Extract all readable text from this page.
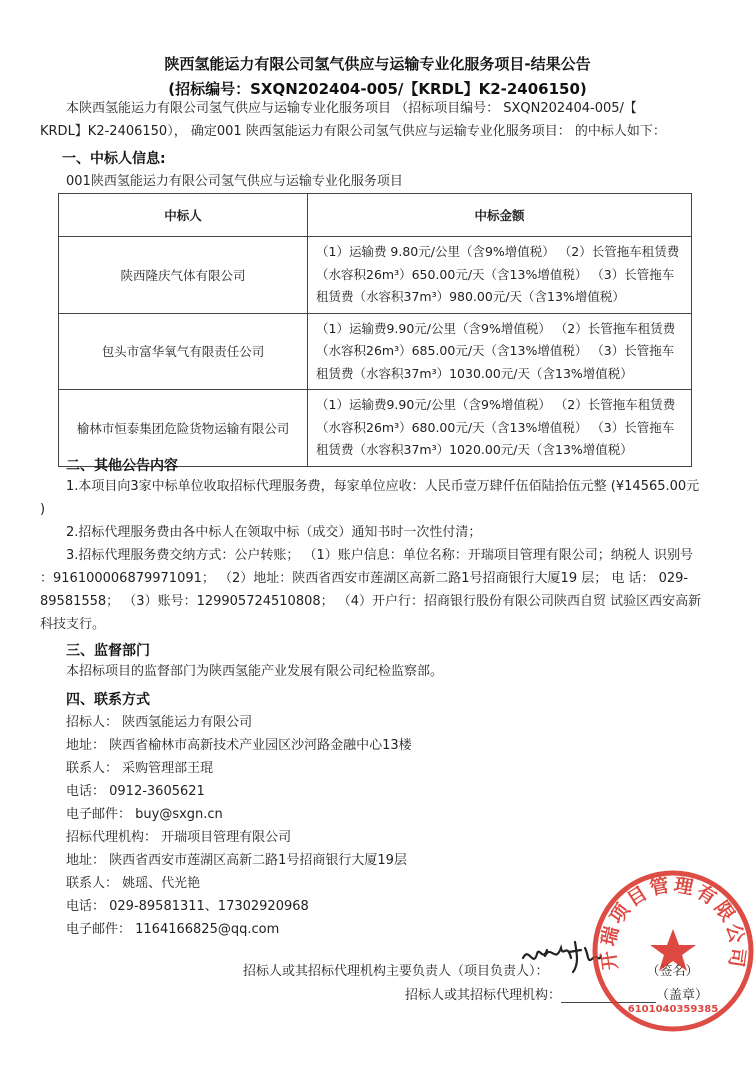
陕西氢能运力有限公司氢气供应与运输专业化服务项目-结果公告
(招标编号：SXQN202404-005/【KRDL】K2-2406150)
本陕西氢能运力有限公司氢气供应与运输专业化服务项目 （招标项目编号： SXQN202404-005/【
KRDL】K2-2406150）， 确定001 陕西氢能运力有限公司氢气供应与运输专业化服务项目： 的中标人如下：
一、中标人信息:
001陕西氢能运力有限公司氢气供应与运输专业化服务项目
中标人	中标金额
陕西隆庆气体有限公司	（1）运输费 9.80元/公里（含9%增值税） （2）长管拖车租赁费（水容积26m³）650.00元/天（含13%增值税） （3）长管拖车租赁费（水容积37m³）980.00元/天（含13%增值税）
包头市富华氧气有限责任公司	（1）运输费9.90元/公里（含9%增值税） （2）长管拖车租赁费（水容积26m³）685.00元/天（含13%增值税） （3）长管拖车租赁费（水容积37m³）1030.00元/天（含13%增值税）
榆林市恒泰集团危险货物运输有限公司	（1）运输费9.90元/公里（含9%增值税） （2）长管拖车租赁费（水容积26m³）680.00元/天（含13%增值税） （3）长管拖车租赁费（水容积37m³）1020.00元/天（含13%增值税）
二、其他公告内容
1.本项目向3家中标单位收取招标代理服务费，每家单位应收：人民币壹万肆仟伍佰陆拾伍元整 (¥14565.00元
)
2.招标代理服务费由各中标人在领取中标（成交）通知书时一次性付清；
3.招标代理服务费交纳方式：公户转账； （1）账户信息：单位名称：开瑞项目管理有限公司；纳税人 识别号
：916100006879971091； （2）地址：陕西省西安市莲湖区高新二路1号招商银行大厦19 层； 电 话： 029-
89581558； （3）账号：129905724510808； （4）开户行：招商银行股份有限公司陕西自贸 试验区西安高新
科技支行。
三、监督部门
本招标项目的监督部门为陕西氢能产业发展有限公司纪检监察部。
四、联系方式
招标人： 陕西氢能运力有限公司
地址： 陕西省榆林市高新技术产业园区沙河路金融中心13楼
联系人： 采购管理部王琨
电话： 0912-3605621
电子邮件： buy@sxgn.cn
招标代理机构： 开瑞项目管理有限公司
地址： 陕西省西安市莲湖区高新二路1号招商银行大厦19层
联系人： 姚瑶、代光艳
电话： 029-89581311、17302920968
电子邮件： 1164166825@qq.com
招标人或其招标代理机构主要负责人（项目负责人）：	（签名）
招标人或其招标代理机构：	（盖章）
开瑞项目管理有限公司
6101040359385
